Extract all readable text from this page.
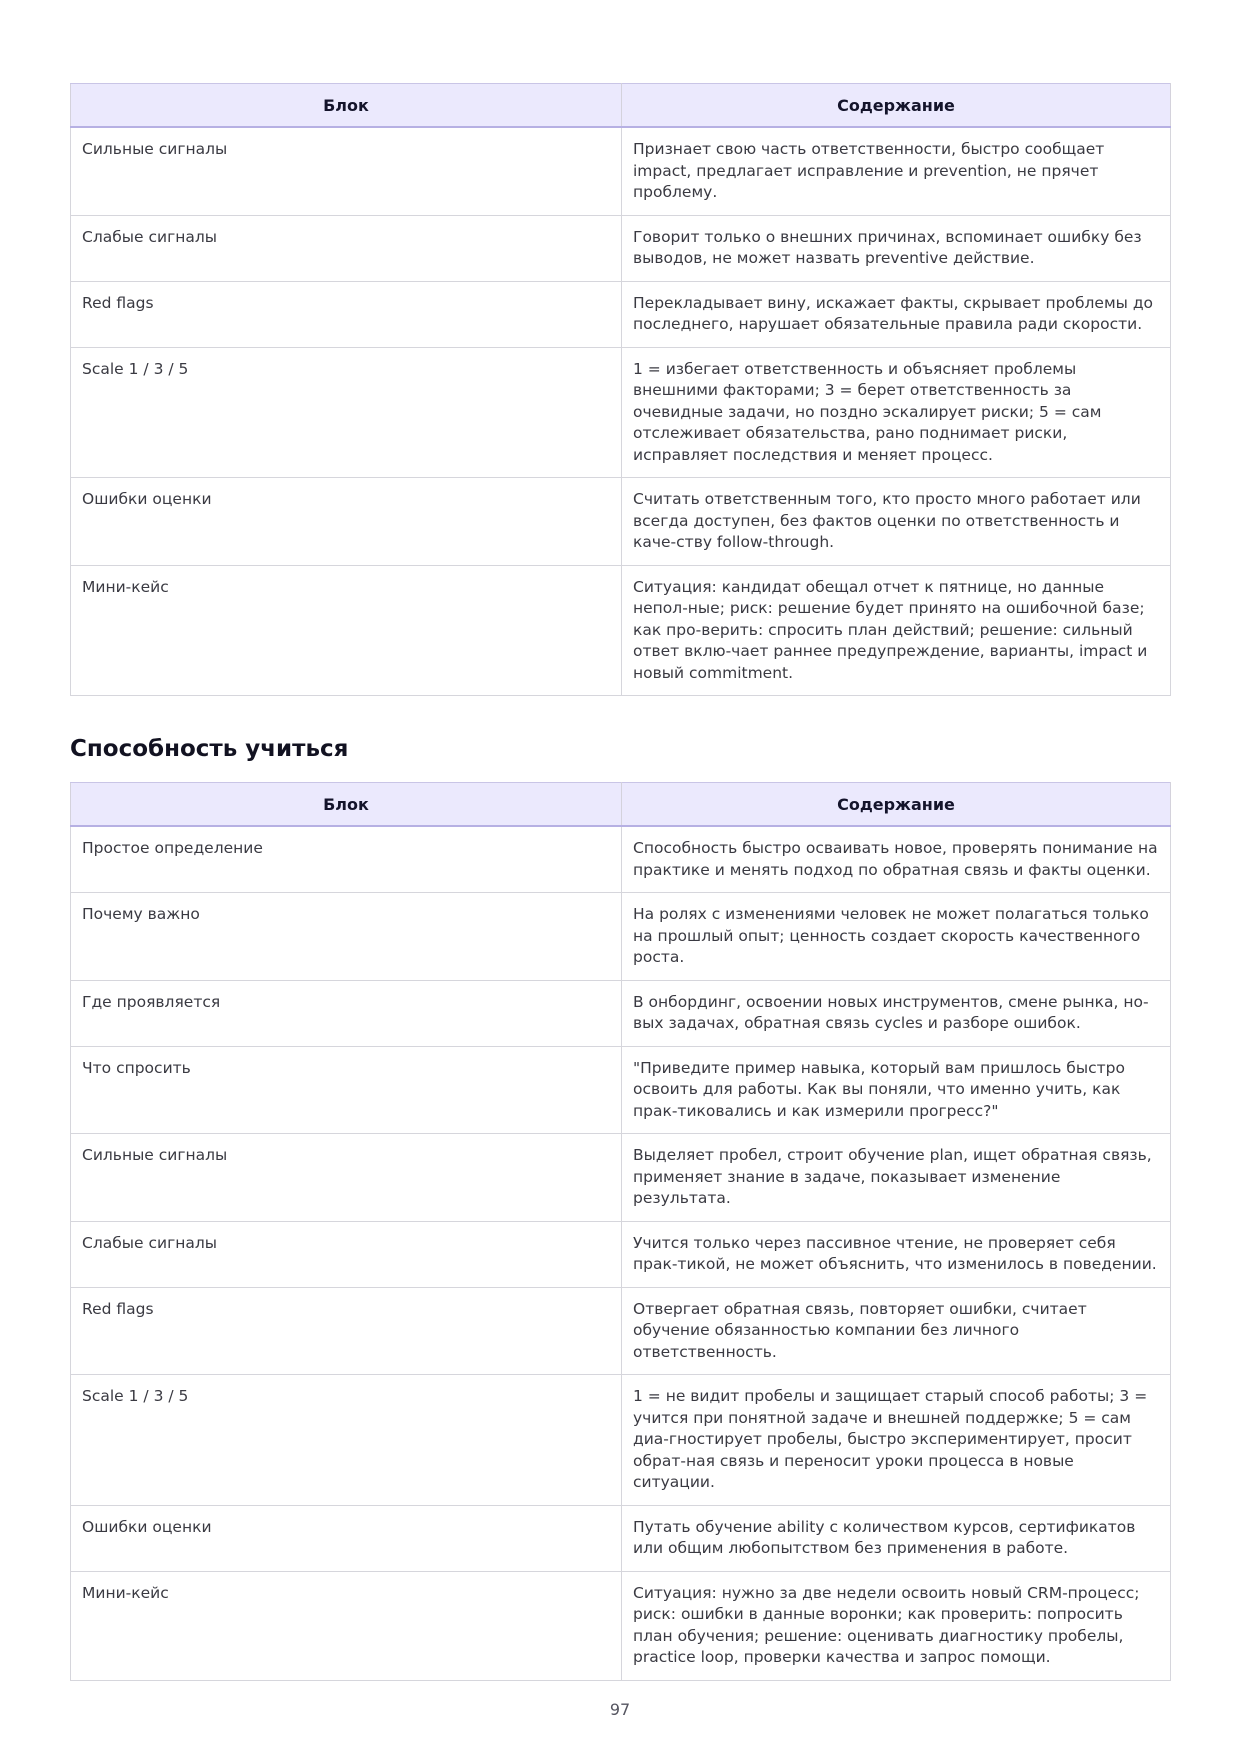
Блок	Содержание
Сильные сигналы	Признает свою часть ответственности, быстро сообщает impact, предлагает исправление и prevention, не прячет проблему.
Слабые сигналы	Говорит только о внешних причинах, вспоминает ошибку без выводов, не может назвать preventive действие.
Red flags	Перекладывает вину, искажает факты, скрывает проблемы до последнего, нарушает обязательные правила ради скорости.
Scale 1 / 3 / 5	1 = избегает ответственность и объясняет проблемы внешними факторами; 3 = берет ответственность за очевидные задачи, но поздно эскалирует риски; 5 = сам отслеживает обязательства, рано поднимает риски, исправляет последствия и меняет процесс.
Ошибки оценки	Считать ответственным того, кто просто много работает или всегда доступен, без фактов оценки по ответственность и каче-ству follow-through.
Мини-кейс	Ситуация: кандидат обещал отчет к пятнице, но данные непол-ные; риск: решение будет принято на ошибочной базе; как про-верить: спросить план действий; решение: сильный ответ вклю-чает раннее предупреждение, варианты, impact и новый commitment.
Способность учиться
Блок	Содержание
Простое определение	Способность быстро осваивать новое, проверять понимание на практике и менять подход по обратная связь и факты оценки.
Почему важно	На ролях с изменениями человек не может полагаться только на прошлый опыт; ценность создает скорость качественного роста.
Где проявляется	В онбординг, освоении новых инструментов, смене рынка, но-вых задачах, обратная связь cycles и разборе ошибок.
Что спросить	"Приведите пример навыка, который вам пришлось быстро освоить для работы. Как вы поняли, что именно учить, как прак-тиковались и как измерили прогресс?"
Сильные сигналы	Выделяет пробел, строит обучение plan, ищет обратная связь, применяет знание в задаче, показывает изменение результата.
Слабые сигналы	Учится только через пассивное чтение, не проверяет себя прак-тикой, не может объяснить, что изменилось в поведении.
Red flags	Отвергает обратная связь, повторяет ошибки, считает обучение обязанностью компании без личного ответственность.
Scale 1 / 3 / 5	1 = не видит пробелы и защищает старый способ работы; 3 = учится при понятной задаче и внешней поддержке; 5 = сам диа-гностирует пробелы, быстро экспериментирует, просит обрат-ная связь и переносит уроки процесса в новые ситуации.
Ошибки оценки	Путать обучение ability с количеством курсов, сертификатов или общим любопытством без применения в работе.
Мини-кейс	Ситуация: нужно за две недели освоить новый CRM-процесс; риск: ошибки в данные воронки; как проверить: попросить план обучения; решение: оценивать диагностику пробелы, practice loop, проверки качества и запрос помощи.
97
